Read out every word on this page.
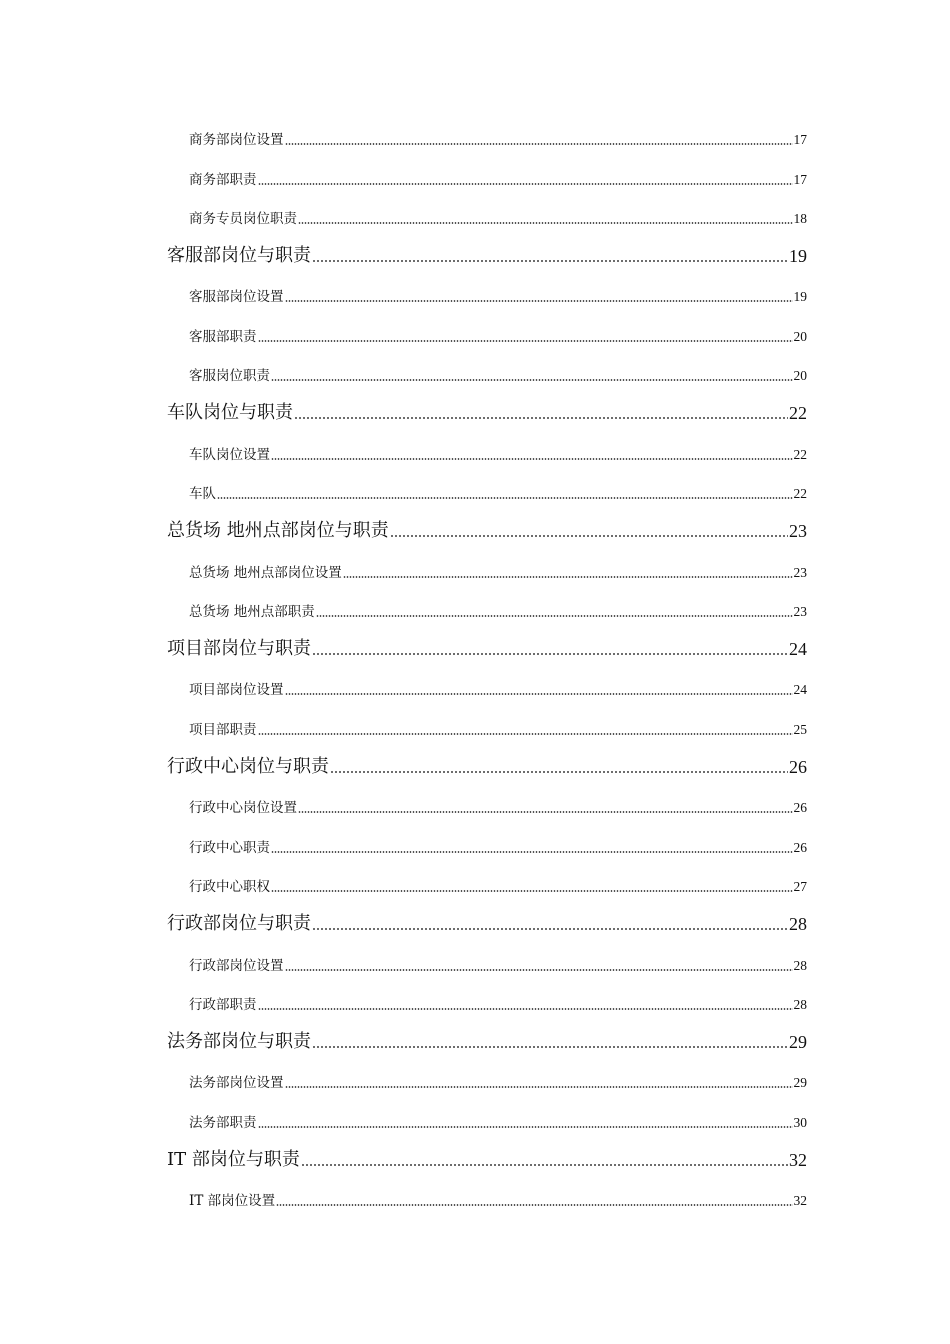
商务部岗位设置	17
商务部职责	17
商务专员岗位职责	18
客服部岗位与职责	19
客服部岗位设置	19
客服部职责	20
客服岗位职责	20
车队岗位与职责	22
车队岗位设置	22
车队	22
总货场 地州点部岗位与职责	23
总货场 地州点部岗位设置	23
总货场 地州点部职责	23
项目部岗位与职责	24
项目部岗位设置	24
项目部职责	25
行政中心岗位与职责	26
行政中心岗位设置	26
行政中心职责	26
行政中心职权	27
行政部岗位与职责	28
行政部岗位设置	28
行政部职责	28
法务部岗位与职责	29
法务部岗位设置	29
法务部职责	30
IT 部岗位与职责	32
IT 部岗位设置	32
